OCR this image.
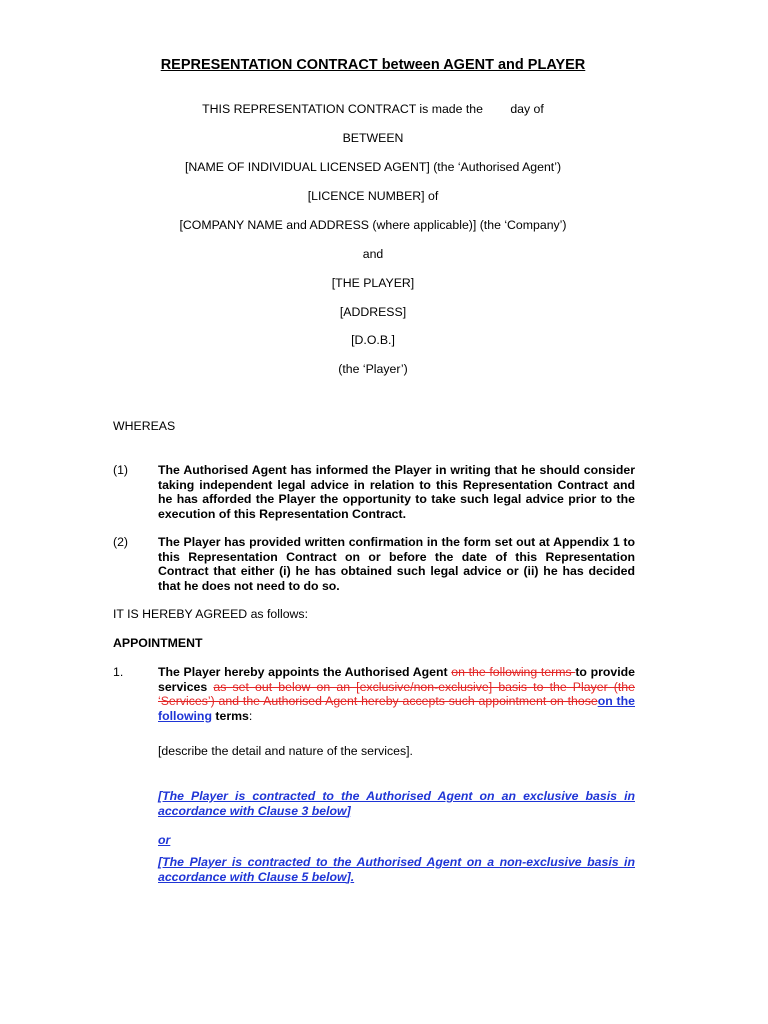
REPRESENTATION CONTRACT between AGENT and PLAYER
THIS REPRESENTATION CONTRACT is made the        day of
BETWEEN
[NAME OF INDIVIDUAL LICENSED AGENT] (the ‘Authorised Agent’)
[LICENCE NUMBER] of
[COMPANY NAME and ADDRESS (where applicable)] (the ‘Company’)
and
[THE PLAYER]
[ADDRESS]
[D.O.B.]
(the ‘Player’)
WHEREAS
(1) The Authorised Agent has informed the Player in writing that he should consider taking independent legal advice in relation to this Representation Contract and he has afforded the Player the opportunity to take such legal advice prior to the execution of this Representation Contract.
(2) The Player has provided written confirmation in the form set out at Appendix 1 to this Representation Contract on or before the date of this Representation Contract that either (i) he has obtained such legal advice or (ii) he has decided that he does not need to do so.
IT IS HEREBY AGREED as follows:
APPOINTMENT
1.	The Player hereby appoints the Authorised Agent on the following terms to provide services as set out below on an [exclusive/non-exclusive] basis to the Player (the ‘Services’) and the Authorised Agent hereby accepts such appointment on thoseon the following terms:
[describe the detail and nature of the services].
[The Player is contracted to the Authorised Agent on an exclusive basis in accordance with Clause 3 below]
or
[The Player is contracted to the Authorised Agent on a non-exclusive basis in accordance with Clause 5 below].
